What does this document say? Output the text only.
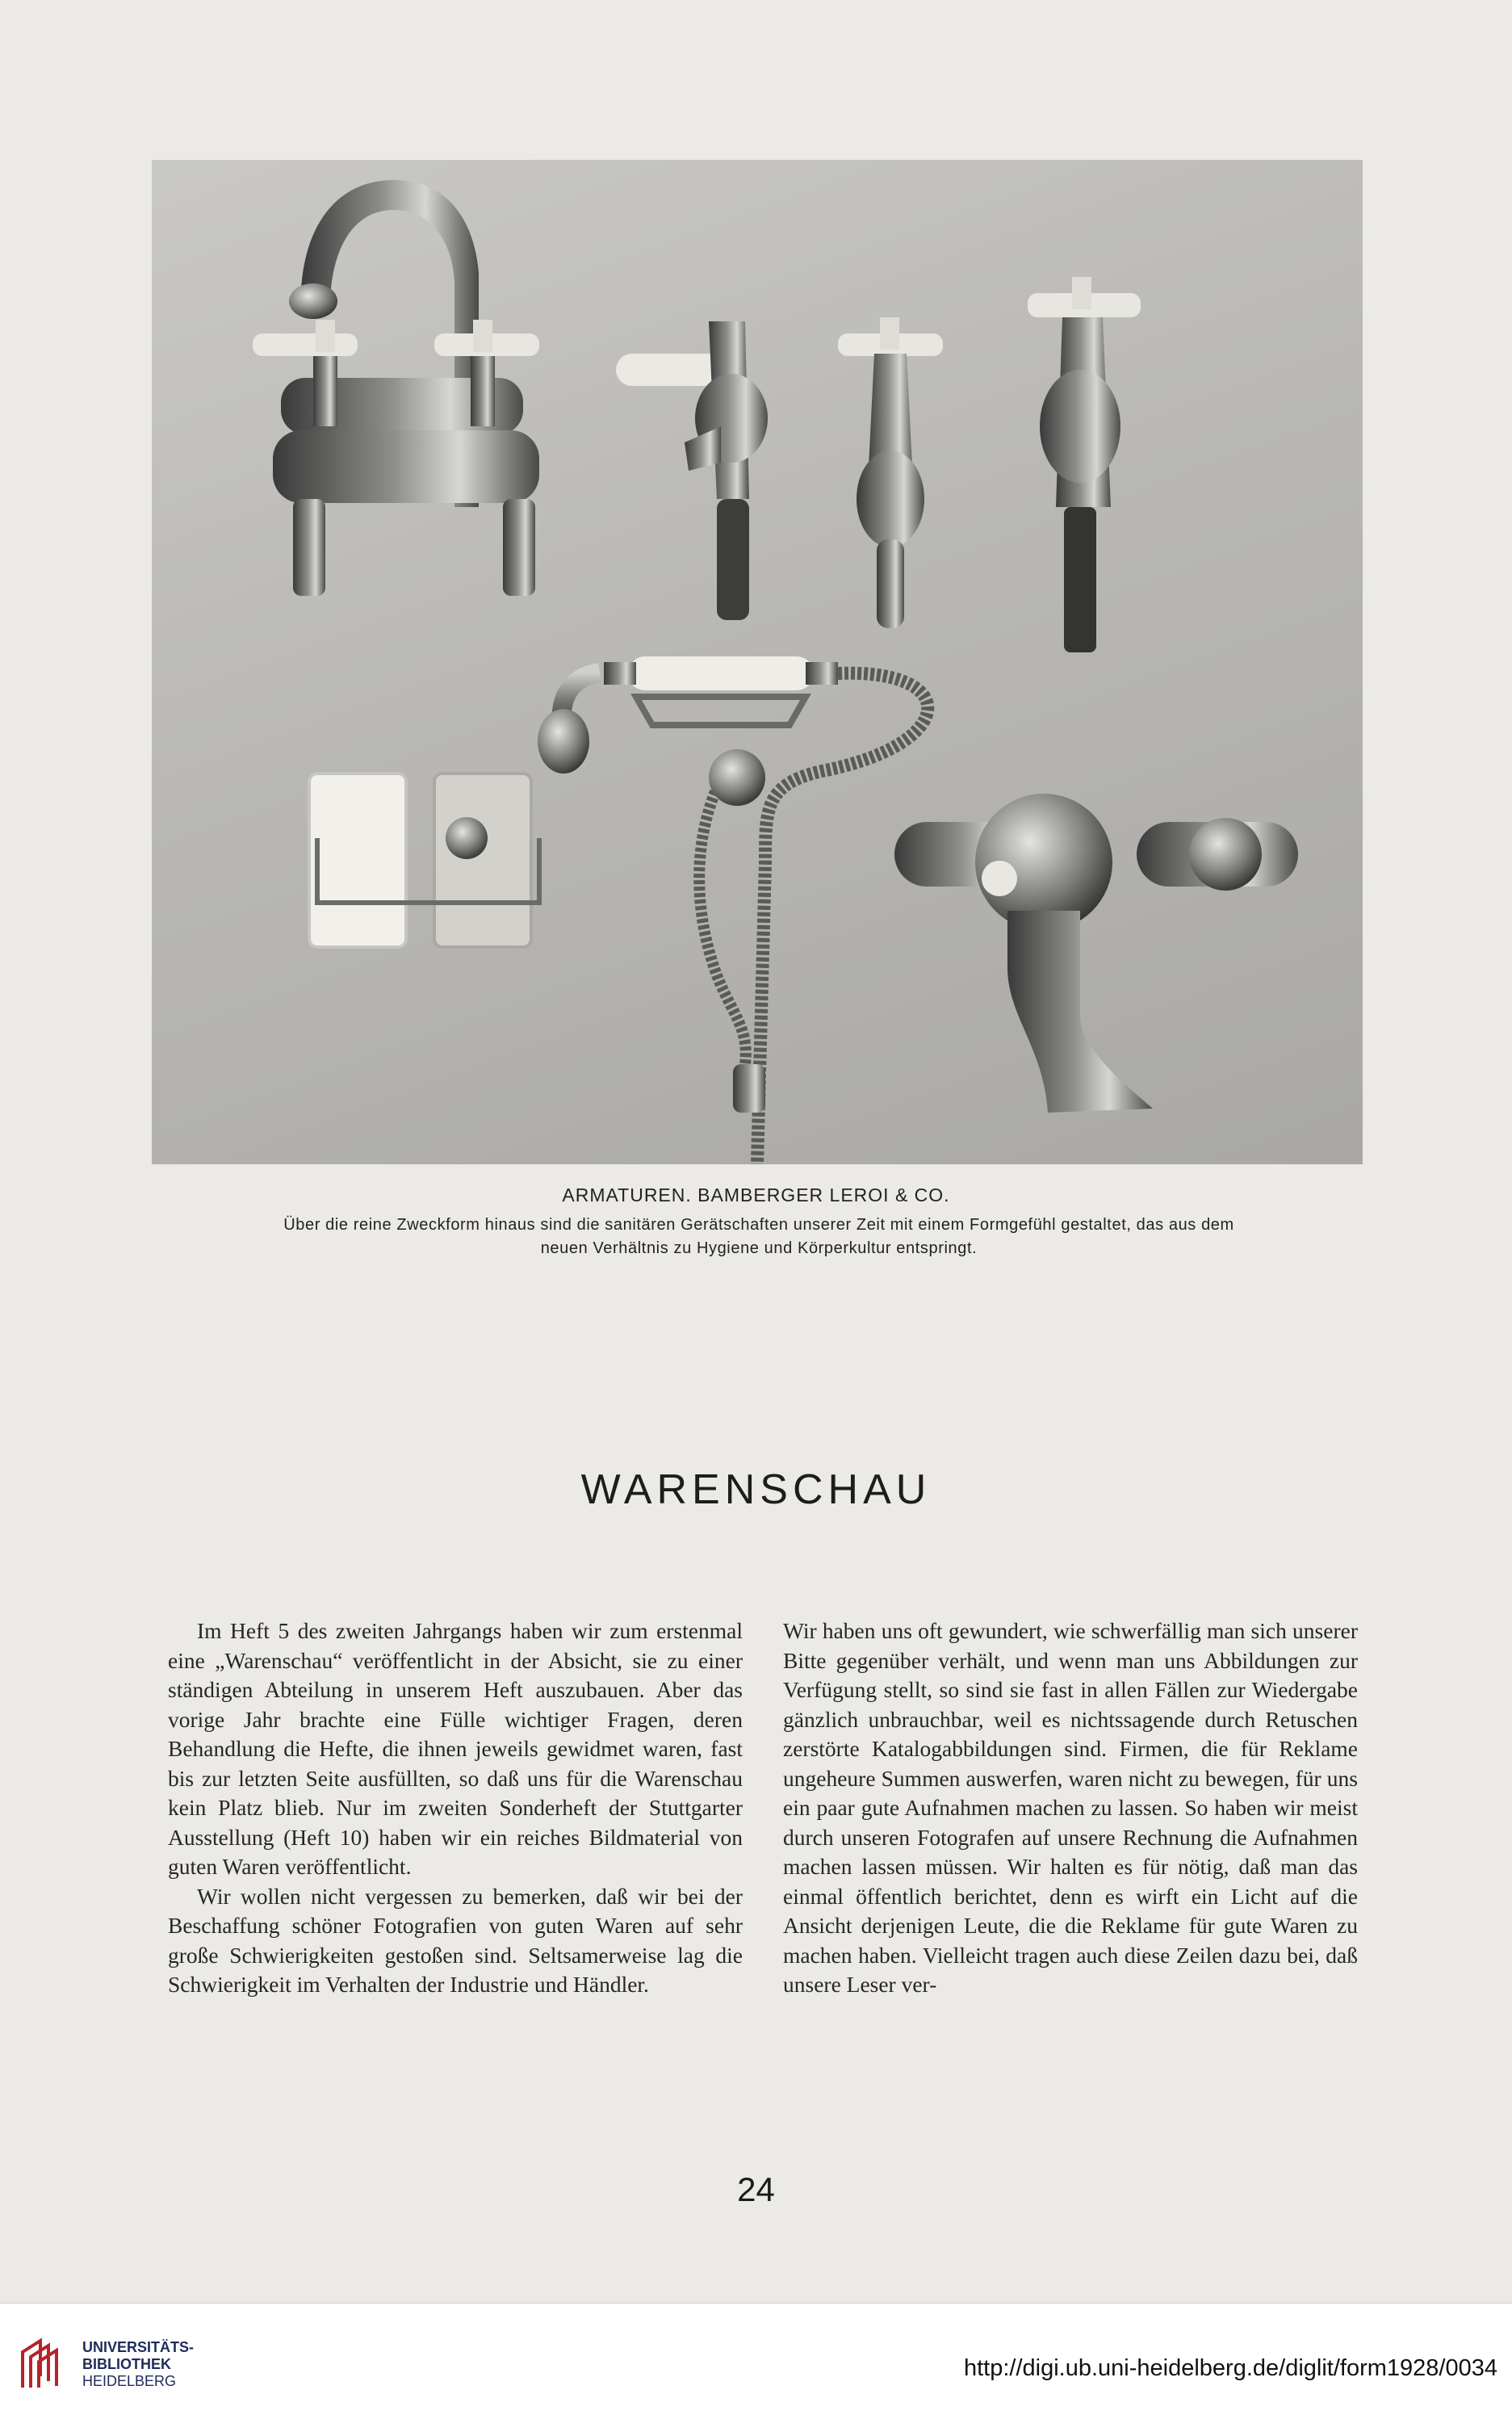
ARMATUREN. BAMBERGER LEROI & CO.
Über die reine Zweckform hinaus sind die sanitären Gerätschaften unserer Zeit mit einem Formgefühl gestaltet, das aus dem
neuen Verhältnis zu Hygiene und Körperkultur entspringt.
WARENSCHAU

Im Heft 5 des zweiten Jahrgangs haben wir zum erstenmal eine „Warenschau“ veröffentlicht in der Absicht, sie zu einer ständigen Abteilung in unserem Heft auszubauen. Aber das vorige Jahr brachte eine Fülle wichtiger Fragen, deren Behandlung die Hefte, die ihnen jeweils gewidmet waren, fast bis zur letzten Seite ausfüllten, so daß uns für die Warenschau kein Platz blieb. Nur im zweiten Sonderheft der Stuttgarter Ausstellung (Heft 10) haben wir ein reiches Bildmaterial von guten Waren veröffentlicht.

Wir wollen nicht vergessen zu bemerken, daß wir bei der Beschaffung schöner Fotografien von guten Waren auf sehr große Schwierigkeiten gestoßen sind. Seltsamerweise lag die Schwierigkeit im Verhalten der Industrie und Händler.

Wir haben uns oft gewundert, wie schwerfällig man sich unserer Bitte gegenüber verhält, und wenn man uns Abbildungen zur Verfügung stellt, so sind sie fast in allen Fällen zur Wiedergabe gänzlich unbrauchbar, weil es nichtssagende durch Retuschen zerstörte Katalogabbildungen sind. Firmen, die für Reklame ungeheure Summen auswerfen, waren nicht zu bewegen, für uns ein paar gute Aufnahmen machen zu lassen. So haben wir meist durch unseren Fotografen auf unsere Rechnung die Aufnahmen machen lassen müssen. Wir halten es für nötig, daß man das einmal öffentlich berichtet, denn es wirft ein Licht auf die Ansicht derjenigen Leute, die die Reklame für gute Waren zu machen haben. Vielleicht tragen auch diese Zeilen dazu bei, daß unsere Leser ver-

24
UNIVERSITÄTS-
BIBLIOTHEK
HEIDELBERG	http://digi.ub.uni-heidelberg.de/diglit/form1928/0034
